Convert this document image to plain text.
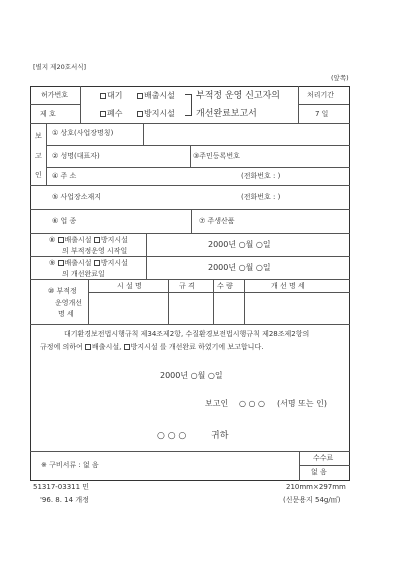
[별지 제20호서식]
(앞쪽)
허가번호
제 호
대기	배출시설
폐수	방지시설
부적정 운영 신고자의
개선완료보고서
처리기간
7 일
보
고
인
① 상호(사업장명칭)
② 성명(대표자)	③주민등록번호
④ 주 소	(전화번호 : )
⑤ 사업장소재지	(전화번호 : )
⑥ 업 종	⑦ 주생산품
⑧ 배출시설 방지시설
의 부적정운영 시작일
2000년 ○월 ○일
⑨ 배출시설 방지시설
의 개선완료일
2000년 ○월 ○일
⑩ 부적정
운영개선
명 세
시 설 명	규 격	수 량	개 선 명 세
대기환경보전법시행규칙 제34조제2항, 수질환경보전법시행규칙 제28조제2항의
규정에 의하여 배출시설, 방지시설 를 개선완료 하였기에 보고합니다.
2000년 ○월 ○일
보고인 ○ ○ ○ (서명 또는 인)
○ ○ ○	귀하
※ 구비서류 : 없 음
수수료
없 음
51317-03311 민	210mm×297mm
'96. 8. 14 개정	(신문용지 54g/㎡)
